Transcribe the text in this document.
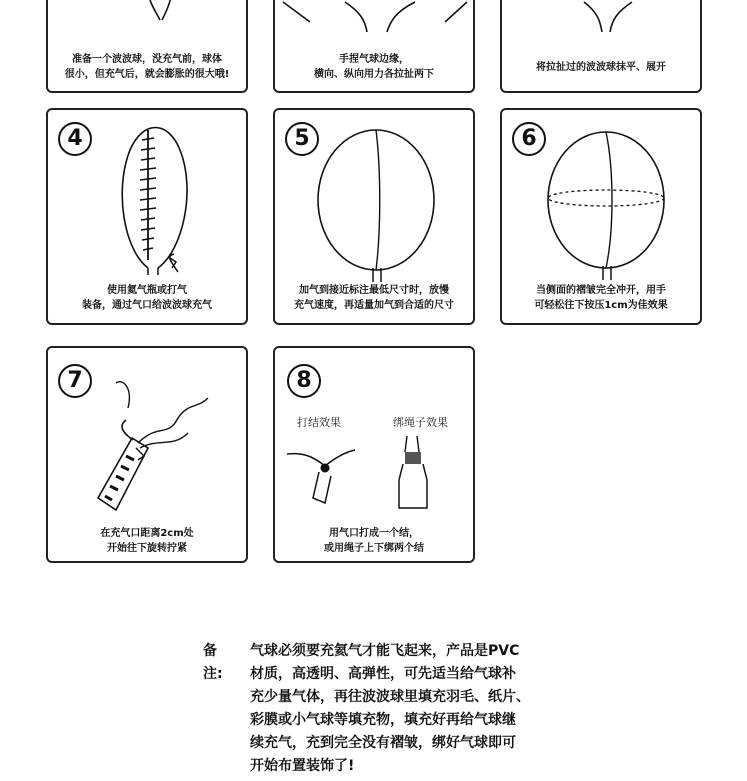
准备一个波波球，没充气前，球体
很小，但充气后，就会膨胀的很大哦!
手捏气球边缘，
横向、纵向用力各拉扯两下
将拉扯过的波波球抹平、展开
4
使用氦气瓶或打气
装备，通过气口给波波球充气
5
加气到接近标注最低尺寸时，放慢
充气速度，再适量加气到合适的尺寸
6
当侧面的褶皱完全冲开，用手
可轻松往下按压1cm为佳效果
7
在充气口距离2cm处
开始往下旋转拧紧
8
打结效果	绑绳子效果
用气口打成一个结，
或用绳子上下绑两个结
备注:
气球必须要充氦气才能飞起来，产品是PVC
材质，高透明、高弹性，可先适当给气球补
充少量气体，再往波波球里填充羽毛、纸片、
彩膜或小气球等填充物，填充好再给气球继
续充气，充到完全没有褶皱，绑好气球即可
开始布置装饰了!
